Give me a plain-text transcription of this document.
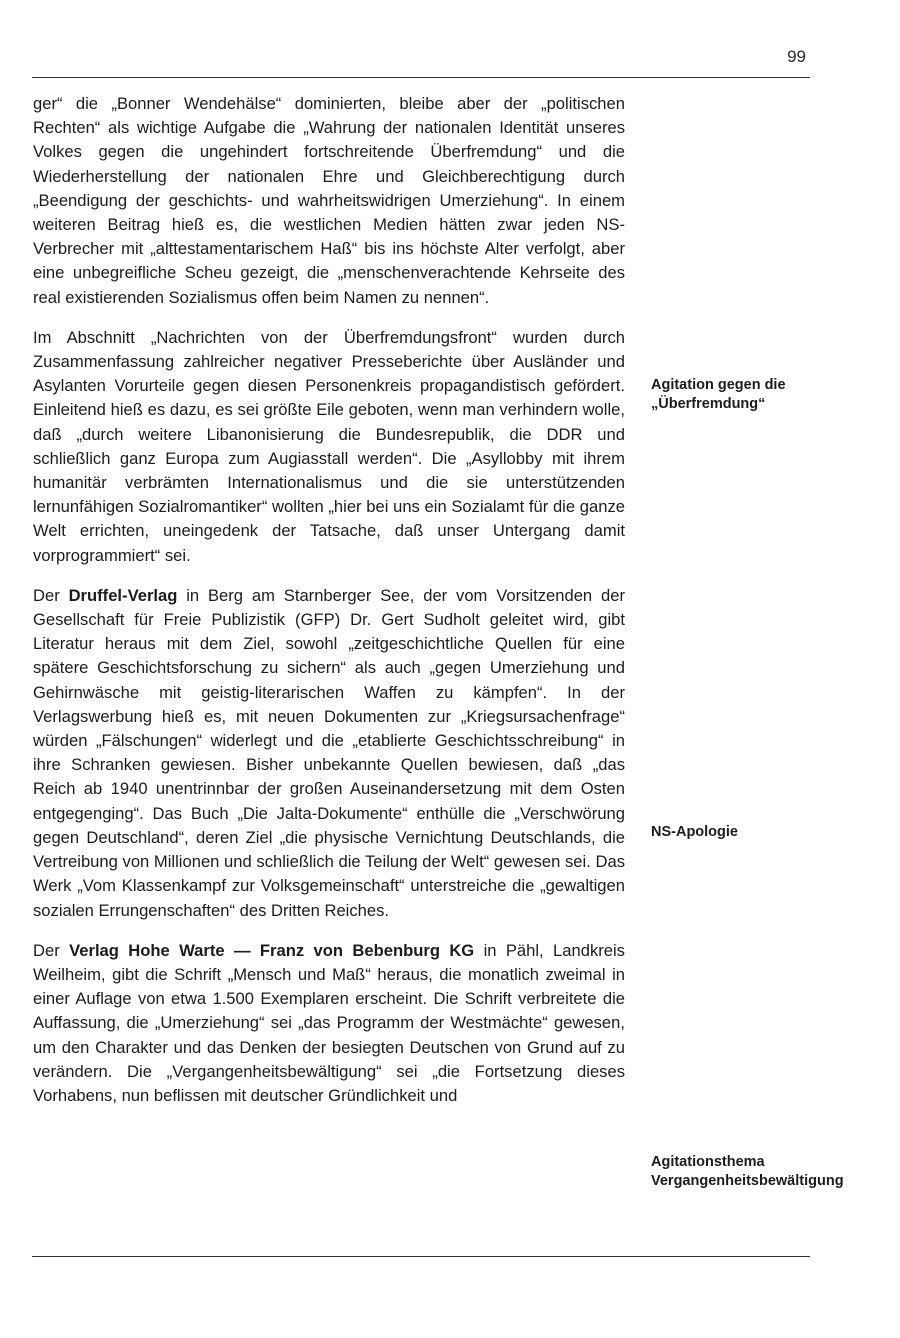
99

ger“ die „Bonner Wendehälse“ dominierten, bleibe aber der „politischen Rechten“ als wichtige Aufgabe die „Wahrung der nationalen Identität unseres Volkes gegen die ungehindert fortschreitende Überfremdung“ und die Wiederherstellung der nationalen Ehre und Gleichberechtigung durch „Beendigung der geschichts- und wahrheitswidrigen Umerziehung“. In einem weiteren Beitrag hieß es, die westlichen Medien hätten zwar jeden NS-Verbrecher mit „alttestamentarischem Haß“ bis ins höchste Alter verfolgt, aber eine unbegreifliche Scheu gezeigt, die „menschenverachtende Kehrseite des real existierenden Sozialismus offen beim Namen zu nennen“.

Im Abschnitt „Nachrichten von der Überfremdungsfront“ wurden durch Zusammenfassung zahlreicher negativer Presseberichte über Ausländer und Asylanten Vorurteile gegen diesen Personenkreis propagandistisch gefördert. Einleitend hieß es dazu, es sei größte Eile geboten, wenn man verhindern wolle, daß „durch weitere Libanonisierung die Bundesrepublik, die DDR und schließlich ganz Europa zum Augiasstall werden“. Die „Asyllobby mit ihrem humanitär verbrämten Internationalismus und die sie unterstützenden lernunfähigen Sozialromantiker“ wollten „hier bei uns ein Sozialamt für die ganze Welt errichten, uneingedenk der Tatsache, daß unser Untergang damit vorprogrammiert“ sei.

Der Druffel-Verlag in Berg am Starnberger See, der vom Vorsitzenden der Gesellschaft für Freie Publizistik (GFP) Dr. Gert Sudholt geleitet wird, gibt Literatur heraus mit dem Ziel, sowohl „zeitgeschichtliche Quellen für eine spätere Geschichtsforschung zu sichern“ als auch „gegen Umerziehung und Gehirnwäsche mit geistig-literarischen Waffen zu kämpfen“. In der Verlagswerbung hieß es, mit neuen Dokumenten zur „Kriegsursachenfrage“ würden „Fälschungen“ widerlegt und die „etablierte Geschichtsschreibung“ in ihre Schranken gewiesen. Bisher unbekannte Quellen bewiesen, daß „das Reich ab 1940 unentrinnbar der großen Auseinandersetzung mit dem Osten entgegenging“. Das Buch „Die Jalta-Dokumente“ enthülle die „Verschwörung gegen Deutschland“, deren Ziel „die physische Vernichtung Deutschlands, die Vertreibung von Millionen und schließlich die Teilung der Welt“ gewesen sei. Das Werk „Vom Klassenkampf zur Volksgemeinschaft“ unterstreiche die „gewaltigen sozialen Errungenschaften“ des Dritten Reiches.

Der Verlag Hohe Warte — Franz von Bebenburg KG in Pähl, Landkreis Weilheim, gibt die Schrift „Mensch und Maß“ heraus, die monatlich zweimal in einer Auflage von etwa 1.500 Exemplaren erscheint. Die Schrift verbreitete die Auffassung, die „Umerziehung“ sei „das Programm der Westmächte“ gewesen, um den Charakter und das Denken der besiegten Deutschen von Grund auf zu verändern. Die „Vergangenheitsbewältigung“ sei „die Fortsetzung dieses Vorhabens, nun beflissen mit deutscher Gründlichkeit und

Agitation gegen die „Überfremdung“

NS-Apologie

Agitationsthema Vergangenheitsbewältigung
